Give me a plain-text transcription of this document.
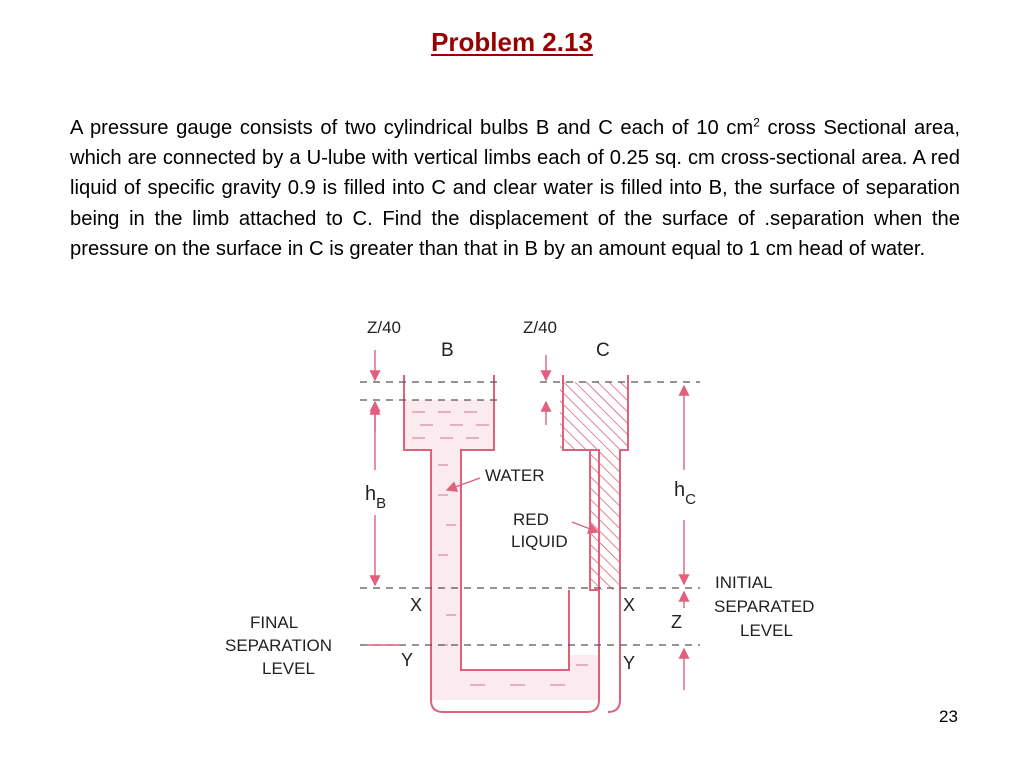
Problem 2.13
A pressure gauge consists of two cylindrical bulbs B and C each of 10 $cm^2$ cross Sectional area, which are connected by a U-lube with vertical limbs each of 0.25 sq. cm cross-sectional area. A red liquid of specific gravity 0.9 is filled into C and clear water is filled into B, the surface of separation being in the limb attached to C. Find the displacement of the surface of .separation when the pressure on the surface in C is greater than that in B by an amount equal to 1 cm head of water.
Z/40	Z/40
B	C
WATER
RED
LIQUID
$h_B$
$h_C$
X	X
Y	Y
Z
INITIAL
SEPARATED
LEVEL
FINAL
SEPARATION
LEVEL
23
